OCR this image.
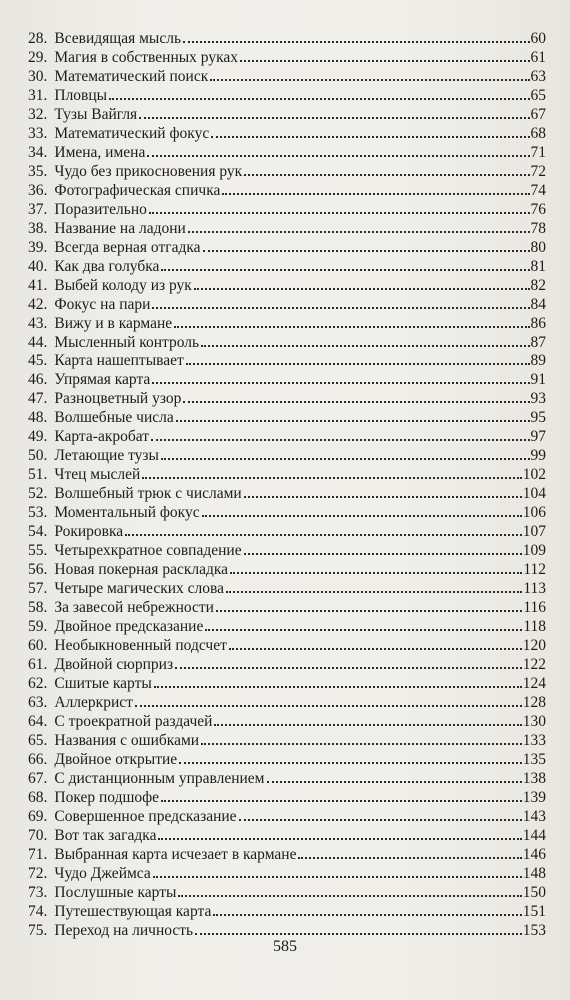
28. Всевидящая мысль	60
29. Магия в собственных руках	61
30. Математический поиск	63
31. Пловцы	65
32. Тузы Вайгля	67
33. Математический фокус	68
34. Имена, имена	71
35. Чудо без прикосновения рук	72
36. Фотографическая спичка	74
37. Поразительно	76
38. Название на ладони	78
39. Всегда верная отгадка	80
40. Как два голубка	81
41. Выбей колоду из рук	82
42. Фокус на пари	84
43. Вижу и в кармане	86
44. Мысленный контроль	87
45. Карта нашептывает	89
46. Упрямая карта	91
47. Разноцветный узор	93
48. Волшебные числа	95
49. Карта-акробат	97
50. Летающие тузы	99
51. Чтец мыслей	102
52. Волшебный трюк с числами	104
53. Моментальный фокус	106
54. Рокировка	107
55. Четырехкратное совпадение	109
56. Новая покерная раскладка	112
57. Четыре магических слова	113
58. За завесой небрежности	116
59. Двойное предсказание	118
60. Необыкновенный подсчет	120
61. Двойной сюрприз	122
62. Сшитые карты	124
63. Аллеркрист	128
64. С троекратной раздачей	130
65. Названия с ошибками	133
66. Двойное открытие	135
67. С дистанционным управлением	138
68. Покер подшофе	139
69. Совершенное предсказание	143
70. Вот так загадка	144
71. Выбранная карта исчезает в кармане	146
72. Чудо Джеймса	148
73. Послушные карты	150
74. Путешествующая карта	151
75. Переход на личность	153
585
